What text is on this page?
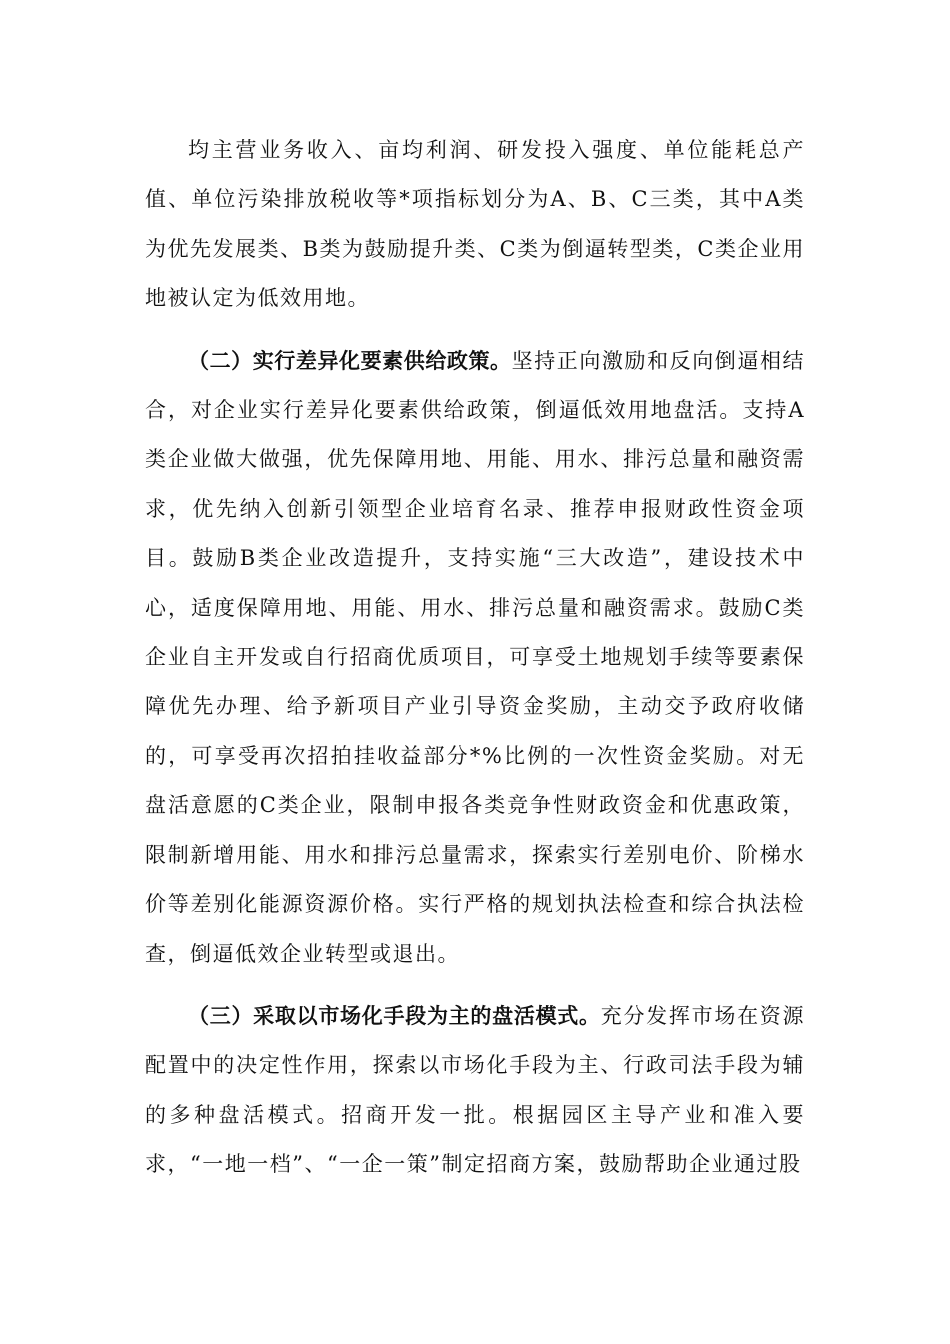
均主营业务收入、亩均利润、研发投入强度、单位能耗总产值、单位污染排放税收等*项指标划分为A、B、C三类，其中A类为优先发展类、B类为鼓励提升类、C类为倒逼转型类，C类企业用地被认定为低效用地。

（二）实行差异化要素供给政策。坚持正向激励和反向倒逼相结合，对企业实行差异化要素供给政策，倒逼低效用地盘活。支持A类企业做大做强，优先保障用地、用能、用水、排污总量和融资需求，优先纳入创新引领型企业培育名录、推荐申报财政性资金项目。鼓励B类企业改造提升，支持实施“三大改造”，建设技术中心，适度保障用地、用能、用水、排污总量和融资需求。鼓励C类企业自主开发或自行招商优质项目，可享受土地规划手续等要素保障优先办理、给予新项目产业引导资金奖励，主动交予政府收储的，可享受再次招拍挂收益部分*%比例的一次性资金奖励。对无盘活意愿的C类企业，限制申报各类竞争性财政资金和优惠政策，限制新增用能、用水和排污总量需求，探索实行差别电价、阶梯水价等差别化能源资源价格。实行严格的规划执法检查和综合执法检查，倒逼低效企业转型或退出。

（三）采取以市场化手段为主的盘活模式。充分发挥市场在资源配置中的决定性作用，探索以市场化手段为主、行政司法手段为辅的多种盘活模式。招商开发一批。根据园区主导产业和准入要求，“一地一档”、“一企一策”制定招商方案，鼓励帮助企业通过股
